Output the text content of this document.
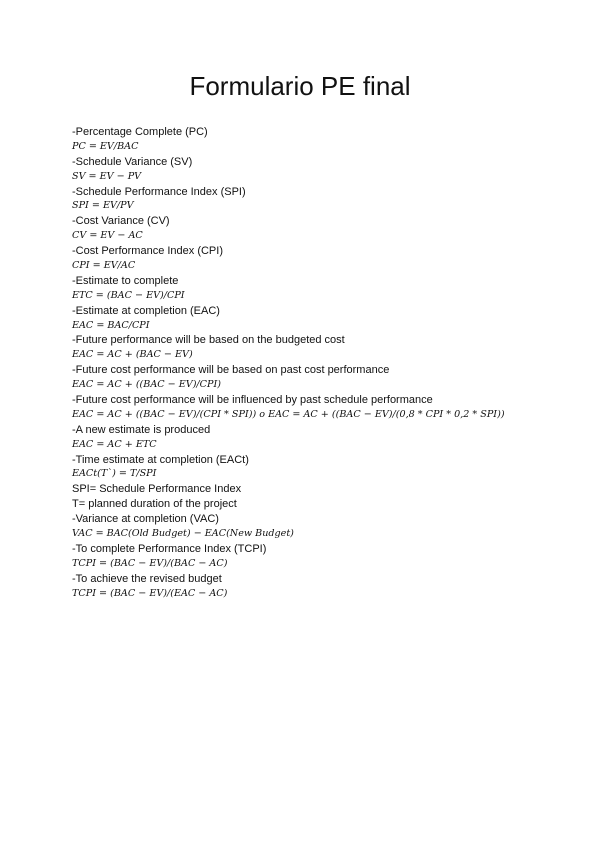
Formulario PE final
-Percentage Complete (PC)
PC = EV/BAC
-Schedule Variance (SV)
SV = EV − PV
-Schedule Performance Index (SPI)
SPI = EV/PV
-Cost Variance (CV)
CV = EV − AC
-Cost Performance Index (CPI)
CPI = EV/AC
-Estimate to complete
ETC = (BAC − EV)/CPI
-Estimate at completion (EAC)
EAC = BAC/CPI
-Future performance will be based on the budgeted cost
EAC = AC + (BAC − EV)
-Future cost performance will be based on past cost performance
EAC = AC + ((BAC − EV)/CPI)
-Future cost performance will be influenced by past schedule performance
EAC = AC + ((BAC − EV)/(CPI * SPI)) o EAC = AC + ((BAC − EV)/(0,8 * CPI * 0,2 * SPI))
-A new estimate is produced
EAC = AC + ETC
-Time estimate at completion (EACt)
EACt(T`) = T/SPI
SPI= Schedule Performance Index
T= planned duration of the project
-Variance at completion (VAC)
VAC = BAC(Old Budget) − EAC(New Budget)
-To complete Performance Index (TCPI)
TCPI = (BAC − EV)/(BAC − AC)
-To achieve the revised budget
TCPI = (BAC − EV)/(EAC − AC)
